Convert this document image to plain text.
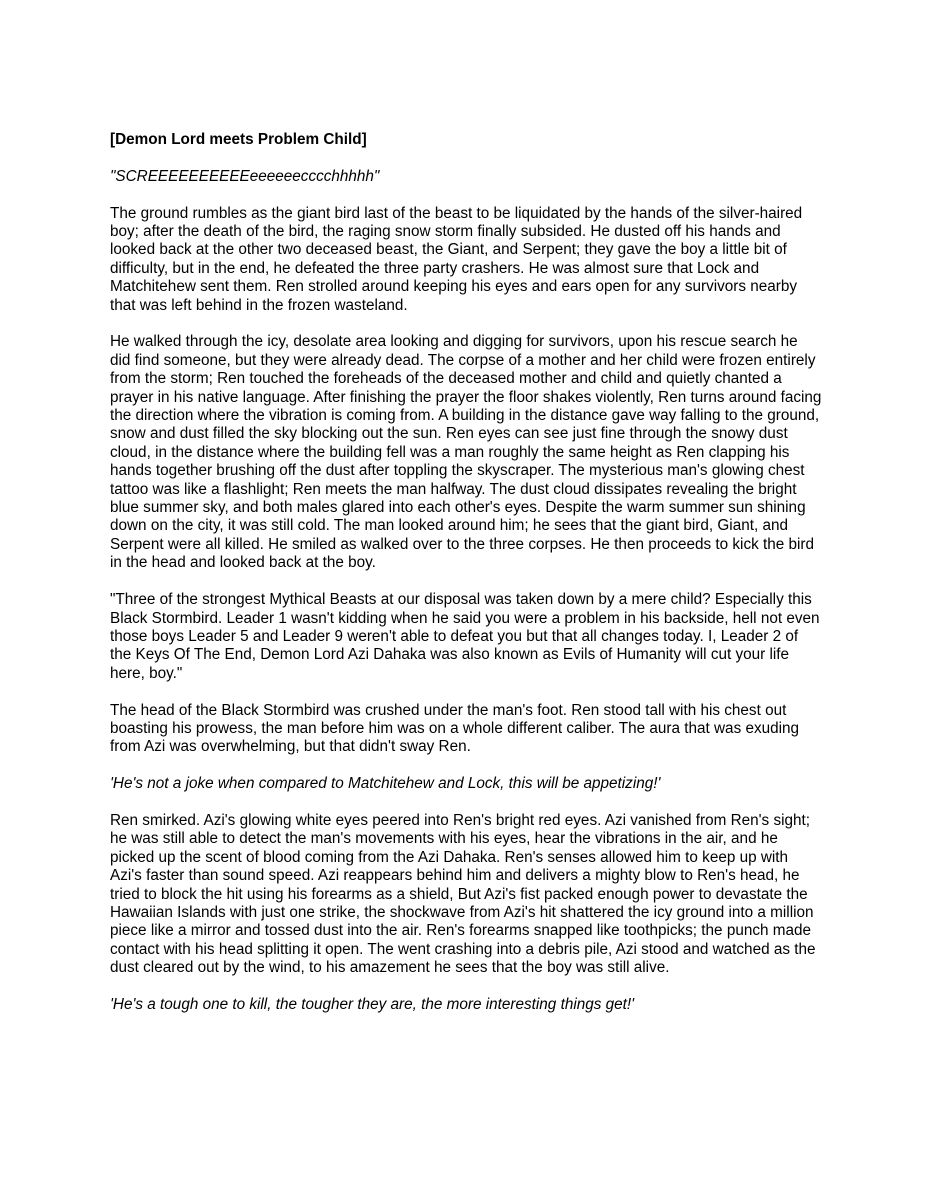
[Demon Lord meets Problem Child]

"SCREEEEEEEEEEeeeeeecccchhhhh"

The ground rumbles as the giant bird last of the beast to be liquidated by the hands of the silver-haired boy; after the death of the bird, the raging snow storm finally subsided. He dusted off his hands and looked back at the other two deceased beast, the Giant, and Serpent; they gave the boy a little bit of difficulty, but in the end, he defeated the three party crashers. He was almost sure that Lock and Matchitehew sent them. Ren strolled around keeping his eyes and ears open for any survivors nearby that was left behind in the frozen wasteland.

He walked through the icy, desolate area looking and digging for survivors, upon his rescue search he did find someone, but they were already dead. The corpse of a mother and her child were frozen entirely from the storm; Ren touched the foreheads of the deceased mother and child and quietly chanted a prayer in his native language. After finishing the prayer the floor shakes violently, Ren turns around facing the direction where the vibration is coming from. A building in the distance gave way falling to the ground, snow and dust filled the sky blocking out the sun. Ren eyes can see just fine through the snowy dust cloud, in the distance where the building fell was a man roughly the same height as Ren clapping his hands together brushing off the dust after toppling the skyscraper. The mysterious man's glowing chest tattoo was like a flashlight; Ren meets the man halfway. The dust cloud dissipates revealing the bright blue summer sky, and both males glared into each other's eyes. Despite the warm summer sun shining down on the city, it was still cold. The man looked around him; he sees that the giant bird, Giant, and Serpent were all killed. He smiled as walked over to the three corpses. He then proceeds to kick the bird in the head and looked back at the boy.

"Three of the strongest Mythical Beasts at our disposal was taken down by a mere child? Especially this Black Stormbird. Leader 1 wasn't kidding when he said you were a problem in his backside, hell not even those boys Leader 5 and Leader 9 weren't able to defeat you but that all changes today. I, Leader 2 of the Keys Of The End, Demon Lord Azi Dahaka was also known as Evils of Humanity will cut your life here, boy."

The head of the Black Stormbird was crushed under the man's foot. Ren stood tall with his chest out boasting his prowess, the man before him was on a whole different caliber. The aura that was exuding from Azi was overwhelming, but that didn't sway Ren.

'He's not a joke when compared to Matchitehew and Lock, this will be appetizing!'

Ren smirked. Azi's glowing white eyes peered into Ren's bright red eyes. Azi vanished from Ren's sight; he was still able to detect the man's movements with his eyes, hear the vibrations in the air, and he picked up the scent of blood coming from the Azi Dahaka. Ren's senses allowed him to keep up with Azi's faster than sound speed. Azi reappears behind him and delivers a mighty blow to Ren's head, he tried to block the hit using his forearms as a shield, But Azi's fist packed enough power to devastate the Hawaiian Islands with just one strike, the shockwave from Azi's hit shattered the icy ground into a million piece like a mirror and tossed dust into the air. Ren's forearms snapped like toothpicks; the punch made contact with his head splitting it open. The went crashing into a debris pile, Azi stood and watched as the dust cleared out by the wind, to his amazement he sees that the boy was still alive.

'He's a tough one to kill, the tougher they are, the more interesting things get!'
